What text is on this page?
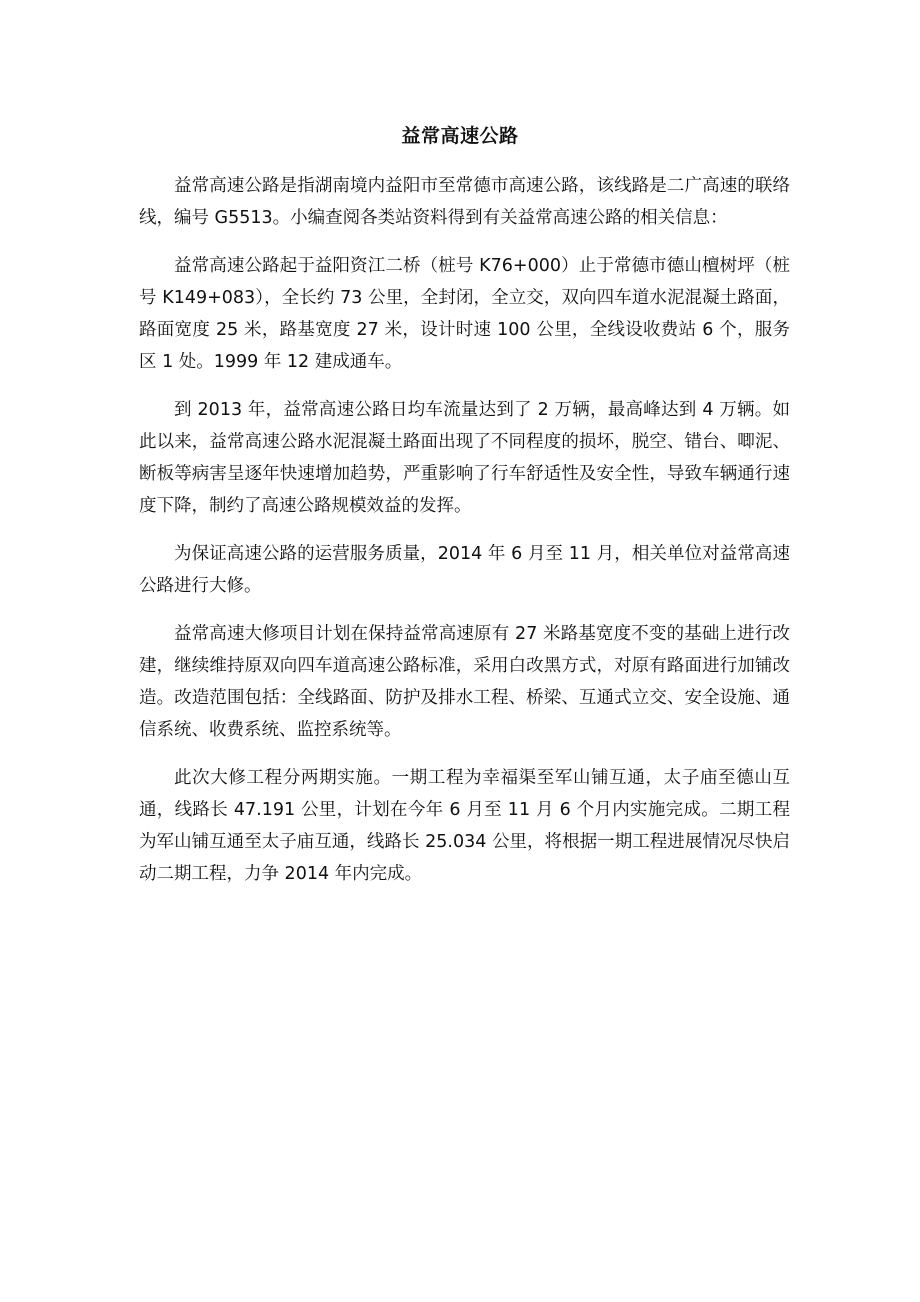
益常高速公路

益常高速公路是指湖南境内益阳市至常德市高速公路，该线路是二广高速的联络线，编号 G5513。小编查阅各类站资料得到有关益常高速公路的相关信息：

益常高速公路起于益阳资江二桥（桩号 K76+000）止于常德市德山檀树坪（桩号 K149+083），全长约 73 公里，全封闭，全立交，双向四车道水泥混凝土路面，路面宽度 25 米，路基宽度 27 米，设计时速 100 公里，全线设收费站 6 个，服务区 1 处。1999 年 12 建成通车。

到 2013 年，益常高速公路日均车流量达到了 2 万辆，最高峰达到 4 万辆。如此以来，益常高速公路水泥混凝土路面出现了不同程度的损坏，脱空、错台、唧泥、断板等病害呈逐年快速增加趋势，严重影响了行车舒适性及安全性，导致车辆通行速度下降，制约了高速公路规模效益的发挥。

为保证高速公路的运营服务质量，2014 年 6 月至 11 月，相关单位对益常高速公路进行大修。

益常高速大修项目计划在保持益常高速原有 27 米路基宽度不变的基础上进行改建，继续维持原双向四车道高速公路标准，采用白改黑方式，对原有路面进行加铺改造。改造范围包括：全线路面、防护及排水工程、桥梁、互通式立交、安全设施、通信系统、收费系统、监控系统等。

此次大修工程分两期实施。一期工程为幸福渠至军山铺互通，太子庙至德山互通，线路长 47.191 公里，计划在今年 6 月至 11 月 6 个月内实施完成。二期工程为军山铺互通至太子庙互通，线路长 25.034 公里，将根据一期工程进展情况尽快启动二期工程，力争 2014 年内完成。
